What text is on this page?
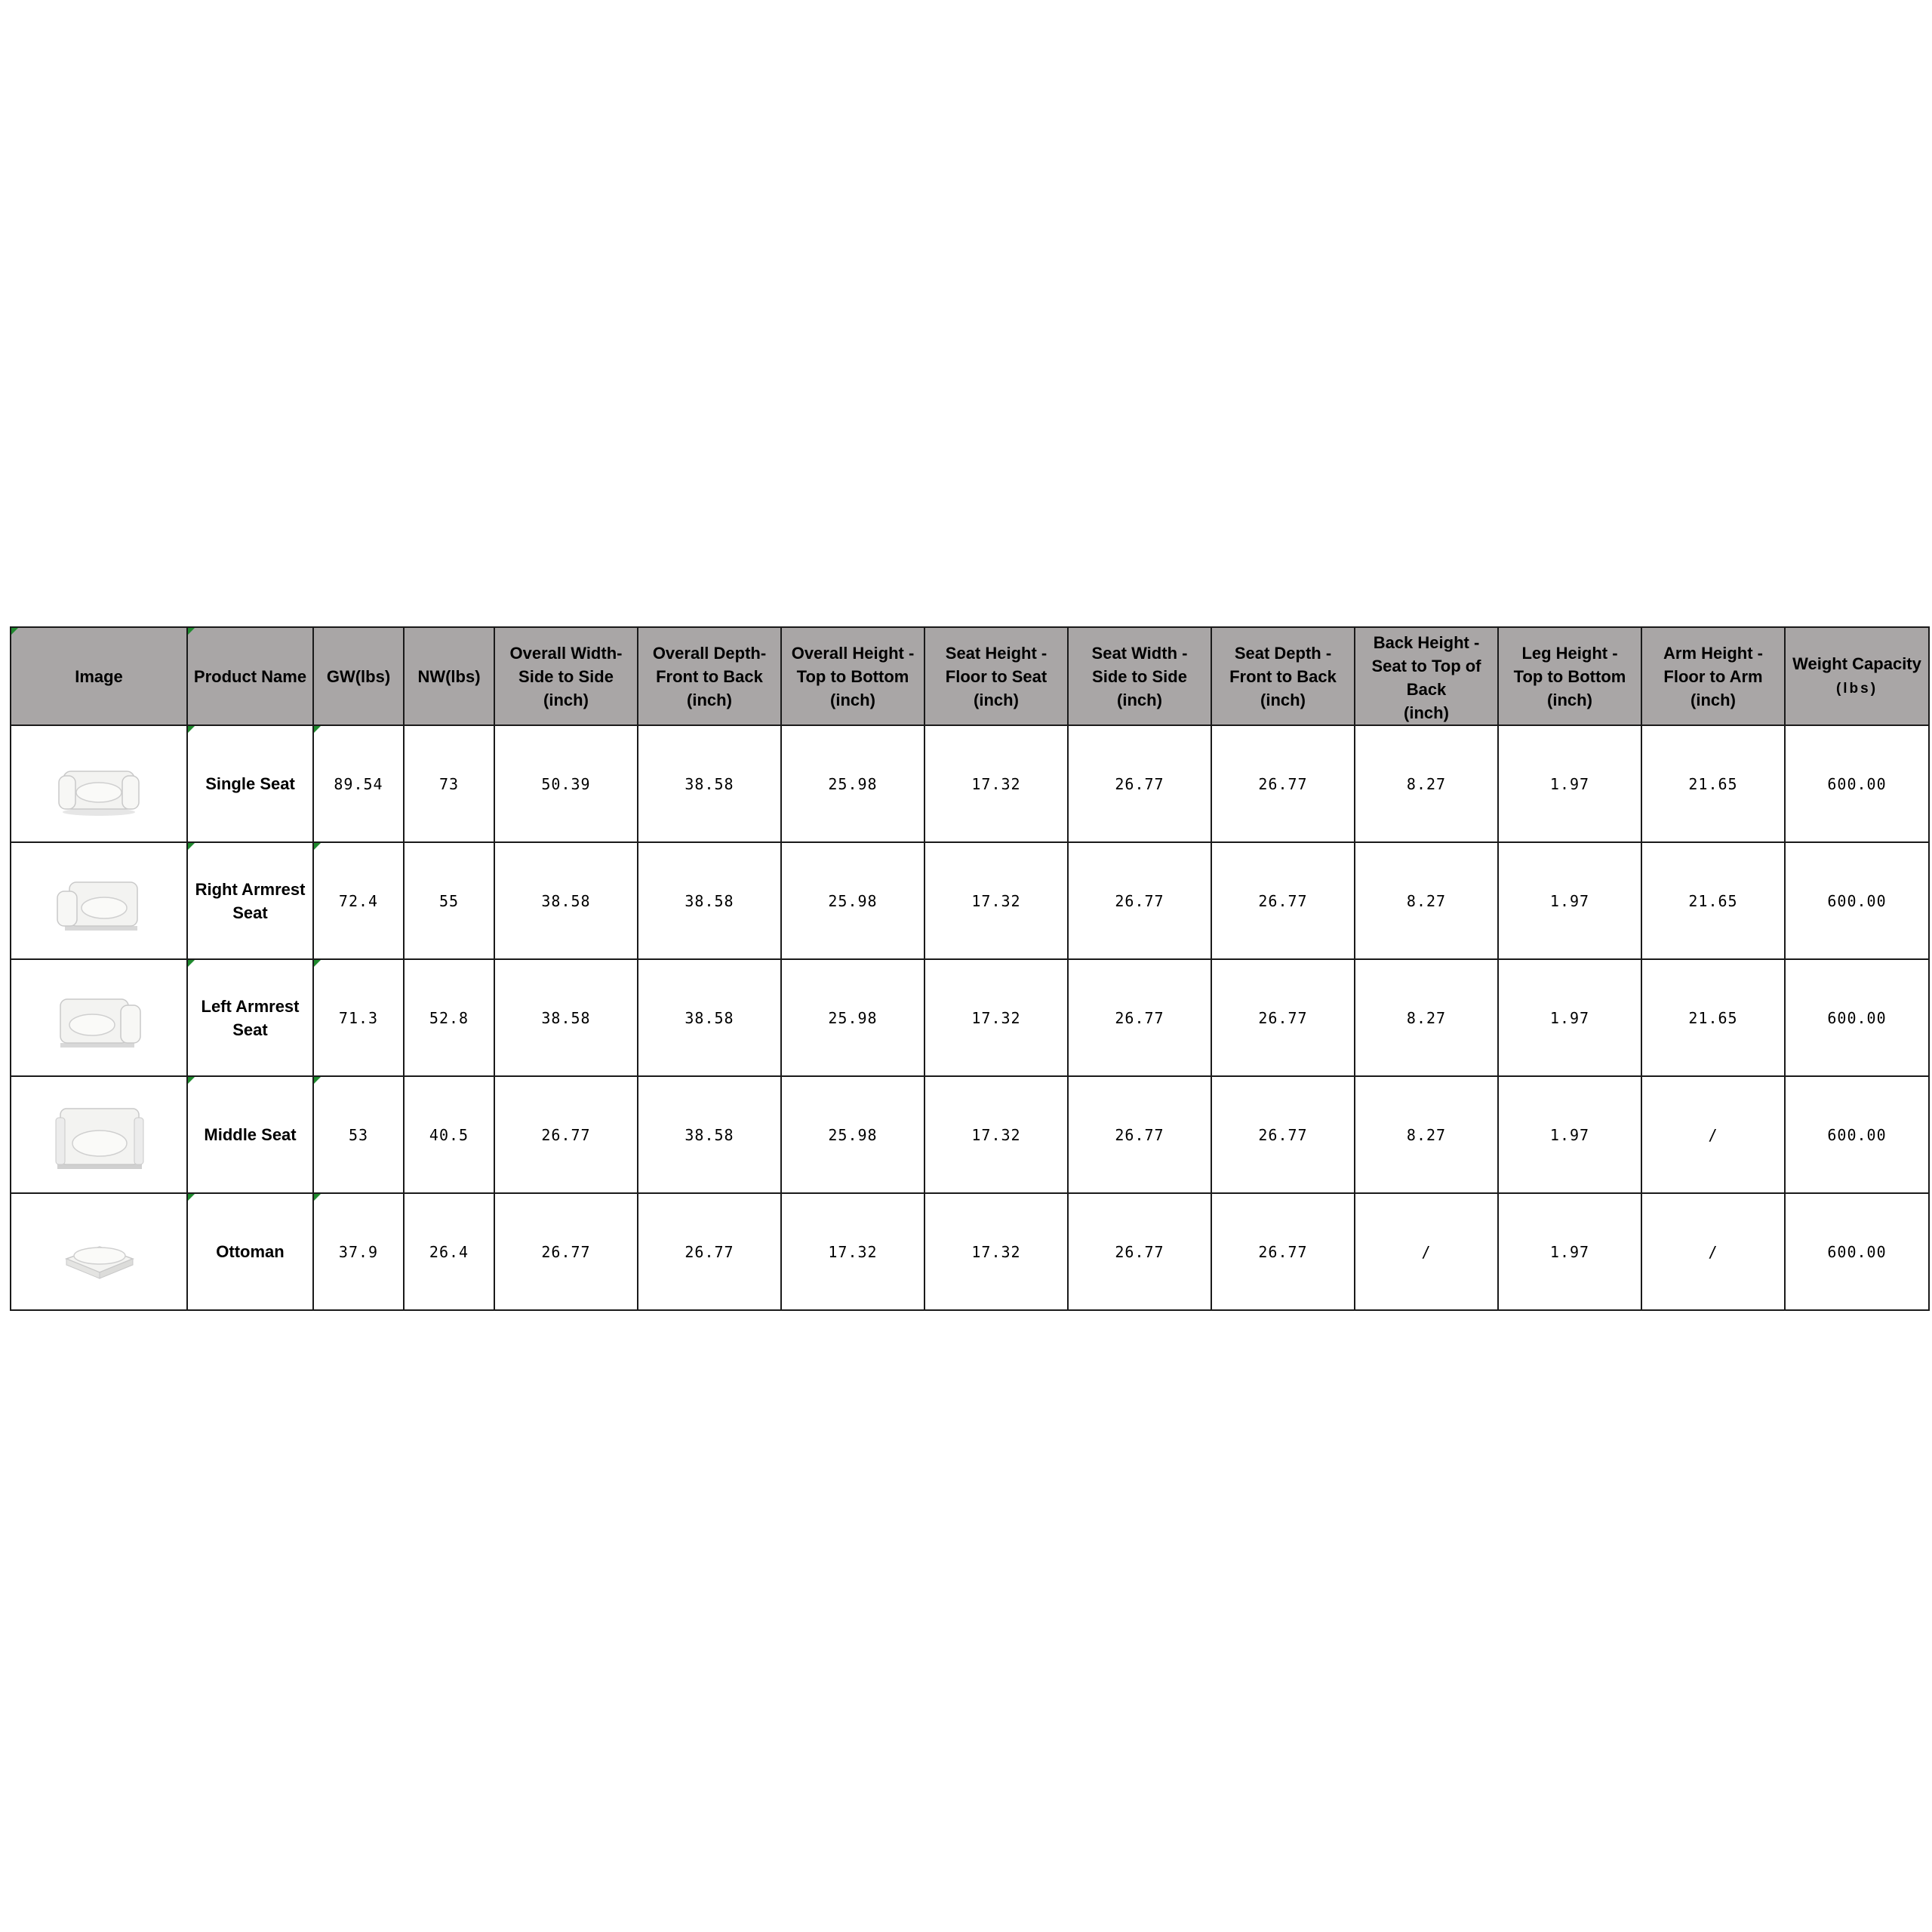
Image	Product Name	GW(lbs)	NW(lbs)	Overall Width-
Side to Side
(inch)	Overall Depth-
Front to Back
(inch)	Overall Height -
Top to Bottom
(inch)	Seat Height -
Floor to Seat
(inch)	Seat Width -
Side to Side
(inch)	Seat Depth -
Front to Back
(inch)	Back Height -
Seat to Top of
Back
(inch)	Leg Height -
Top to Bottom
(inch)	Arm Height -
Floor to Arm
(inch)	Weight Capacity
(lbs)

	Single Seat	89.54	73	50.39	38.58	25.98	17.32	26.77	26.77	8.27	1.97	21.65	600.00

	Right Armrest
Seat	72.4	55	38.58	38.58	25.98	17.32	26.77	26.77	8.27	1.97	21.65	600.00

	Left Armrest
Seat	71.3	52.8	38.58	38.58	25.98	17.32	26.77	26.77	8.27	1.97	21.65	600.00

	Middle Seat	53	40.5	26.77	38.58	25.98	17.32	26.77	26.77	8.27	1.97	/	600.00

	Ottoman	37.9	26.4	26.77	26.77	17.32	17.32	26.77	26.77	/	1.97	/	600.00
